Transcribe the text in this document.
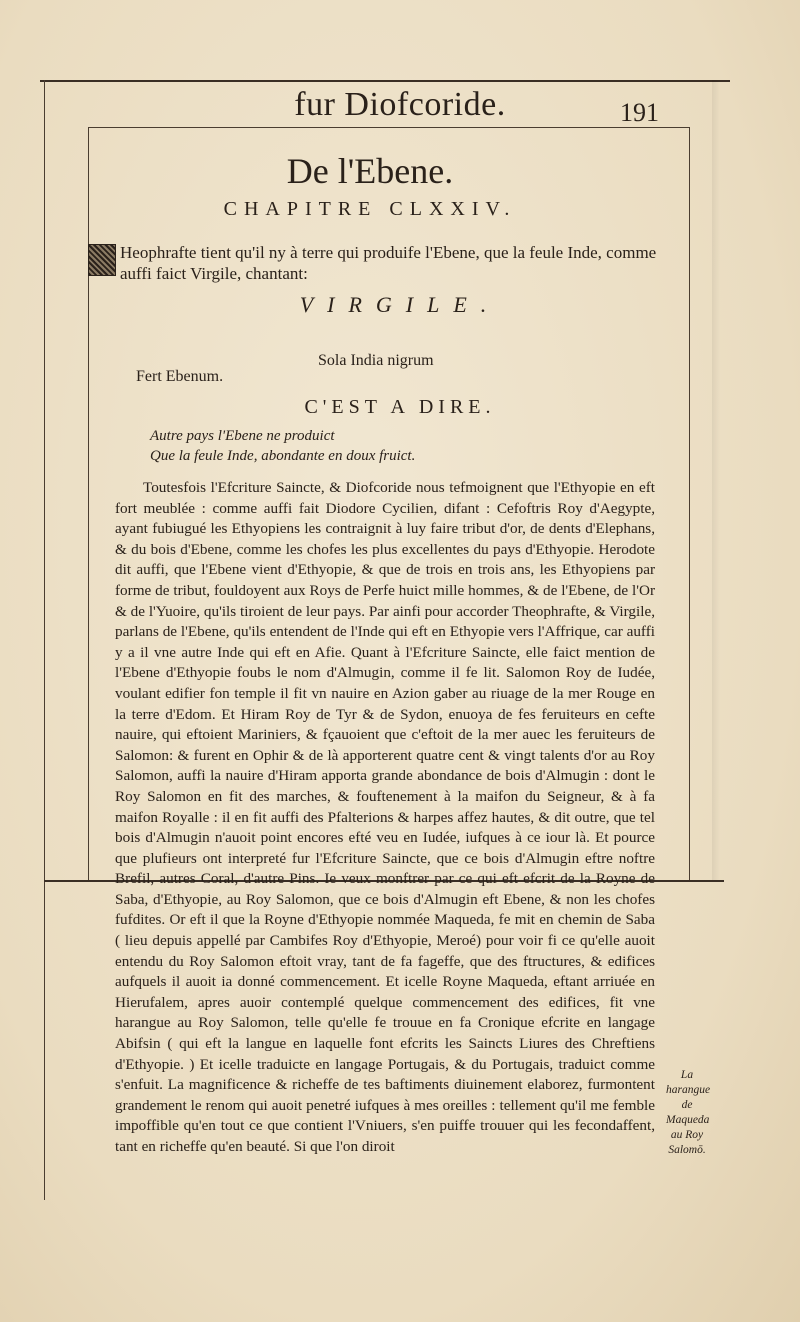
fur Diofcoride.	191
De l'Ebene.
CHAPITRE CLXXIV.
Heophrafte tient qu'il ny à terre qui produife l'Ebene, que la feule Inde, comme auffi faict Virgile, chantant:
VIRGILE.
Sola India nigrum
Fert Ebenum.
C'EST A DIRE.
Autre pays l'Ebene ne produict
Que la feule Inde, abondante en doux fruict.
Toutesfois l'Efcriture Saincte, & Diofcoride nous tefmoignent que l'Ethyopie en eft fort meublée : comme auffi fait Diodore Cycilien, difant : Cefoftris Roy d'Aegypte, ayant fubiugué les Ethyopiens les contraignit à luy faire tribut d'or, de dents d'Elephans, & du bois d'Ebene, comme les chofes les plus excellentes du pays d'Ethyopie. Herodote dit auffi, que l'Ebene vient d'Ethyopie, & que de trois en trois ans, les Ethyopiens par forme de tribut, fouldoyent aux Roys de Perfe huict mille hommes, & de l'Ebene, de l'Or & de l'Yuoire, qu'ils tiroient de leur pays. Par ainfi pour accorder Theophrafte, & Virgile, parlans de l'Ebene, qu'ils entendent de l'Inde qui eft en Ethyopie vers l'Affrique, car auffi y a il vne autre Inde qui eft en Afie. Quant à l'Efcriture Saincte, elle faict mention de l'Ebene d'Ethyopie foubs le nom d'Almugin, comme il fe lit. Salomon Roy de Iudée, voulant edifier fon temple il fit vn nauire en Azion gaber au riuage de la mer Rouge en la terre d'Edom. Et Hiram Roy de Tyr & de Sydon, enuoya de fes feruiteurs en cefte nauire, qui eftoient Mariniers, & fçauoient que c'eftoit de la mer auec les feruiteurs de Salomon: & furent en Ophir & de là apporterent quatre cent & vingt talents d'or au Roy Salomon, auffi la nauire d'Hiram apporta grande abondance de bois d'Almugin : dont le Roy Salomon en fit des marches, & fouftenement à la maifon du Seigneur, & à fa maifon Royalle : il en fit auffi des Pfalterions & harpes affez hautes, & dit outre, que tel bois d'Almugin n'auoit point encores efté veu en Iudée, iufques à ce iour là. Et pource que plufieurs ont interpreté fur l'Efcriture Saincte, que ce bois d'Almugin eftre noftre Brefil, autres Coral, d'autre Pins. Ie veux monftrer par ce qui eft efcrit de la Royne de Saba, d'Ethyopie, au Roy Salomon, que ce bois d'Almugin eft Ebene, & non les chofes fufdites. Or eft il que la Royne d'Ethyopie nommée Maqueda, fe mit en chemin de Saba ( lieu depuis appellé par Cambifes Roy d'Ethyopie, Meroé) pour voir fi ce qu'elle auoit entendu du Roy Salomon eftoit vray, tant de fa fageffe, que des ftructures, & edifices aufquels il auoit ia donné commencement. Et icelle Royne Maqueda, eftant arriuée en Hierufalem, apres auoir contemplé quelque commencement des edifices, fit vne harangue au Roy Salomon, telle qu'elle fe trouue en fa Cronique efcrite en langage Abifsin ( qui eft la langue en laquelle font efcrits les Saincts Liures des Chreftiens d'Ethyopie. ) Et icelle traduicte en langage Portugais, & du Portugais, traduict comme s'enfuit. La magnificence & richeffe de tes baftiments diuinement elaborez, furmontent grandement le renom qui auoit penetré iufques à mes oreilles : tellement qu'il me femble impoffible qu'en tout ce que contient l'Vniuers, s'en puiffe trouuer qui les fecondaffent, tant en richeffe qu'en beauté. Si que l'on diroit
La harangue de Maqueda au Roy Salomō.
